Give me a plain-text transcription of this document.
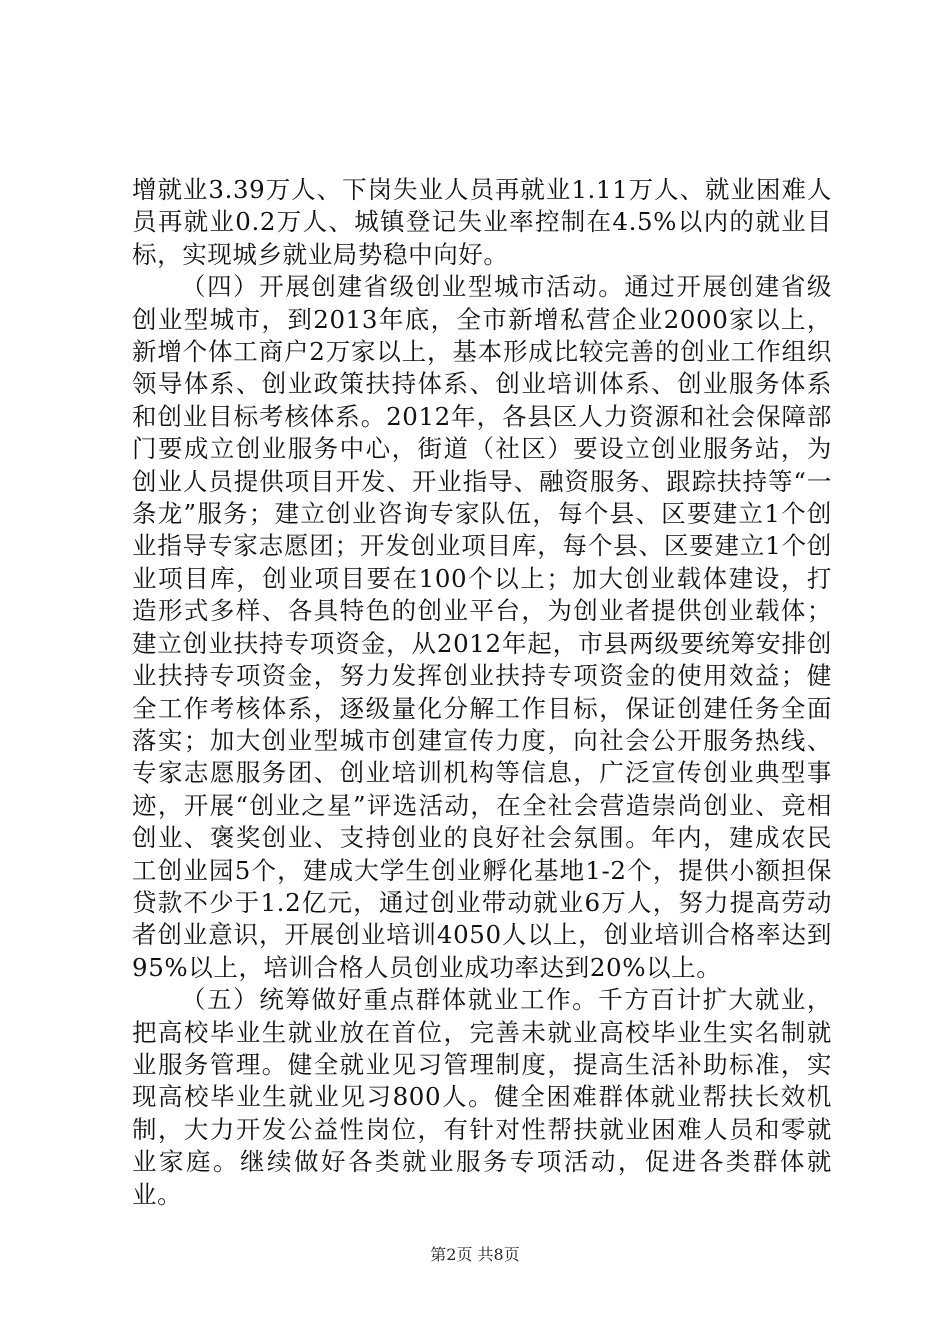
增就业3.39万人、下岗失业人员再就业1.11万人、就业困难人员再就业0.2万人、城镇登记失业率控制在4.5%以内的就业目标，实现城乡就业局势稳中向好。

（四）开展创建省级创业型城市活动。通过开展创建省级创业型城市，到2013年底，全市新增私营企业2000家以上，新增个体工商户2万家以上，基本形成比较完善的创业工作组织领导体系、创业政策扶持体系、创业培训体系、创业服务体系和创业目标考核体系。2012年，各县区人力资源和社会保障部门要成立创业服务中心，街道（社区）要设立创业服务站，为创业人员提供项目开发、开业指导、融资服务、跟踪扶持等“一条龙”服务；建立创业咨询专家队伍，每个县、区要建立1个创业指导专家志愿团；开发创业项目库，每个县、区要建立1个创业项目库，创业项目要在100个以上；加大创业载体建设，打造形式多样、各具特色的创业平台，为创业者提供创业载体；建立创业扶持专项资金，从2012年起，市县两级要统筹安排创业扶持专项资金，努力发挥创业扶持专项资金的使用效益；健全工作考核体系，逐级量化分解工作目标，保证创建任务全面落实；加大创业型城市创建宣传力度，向社会公开服务热线、专家志愿服务团、创业培训机构等信息，广泛宣传创业典型事迹，开展“创业之星”评选活动，在全社会营造崇尚创业、竞相创业、褒奖创业、支持创业的良好社会氛围。年内，建成农民工创业园5个，建成大学生创业孵化基地1-2个，提供小额担保贷款不少于1.2亿元，通过创业带动就业6万人，努力提高劳动者创业意识，开展创业培训4050人以上，创业培训合格率达到95%以上，培训合格人员创业成功率达到20%以上。

（五）统筹做好重点群体就业工作。千方百计扩大就业，把高校毕业生就业放在首位，完善未就业高校毕业生实名制就业服务管理。健全就业见习管理制度，提高生活补助标准，实现高校毕业生就业见习800人。健全困难群体就业帮扶长效机制，大力开发公益性岗位，有针对性帮扶就业困难人员和零就业家庭。继续做好各类就业服务专项活动，促进各类群体就业。

第2页 共8页
